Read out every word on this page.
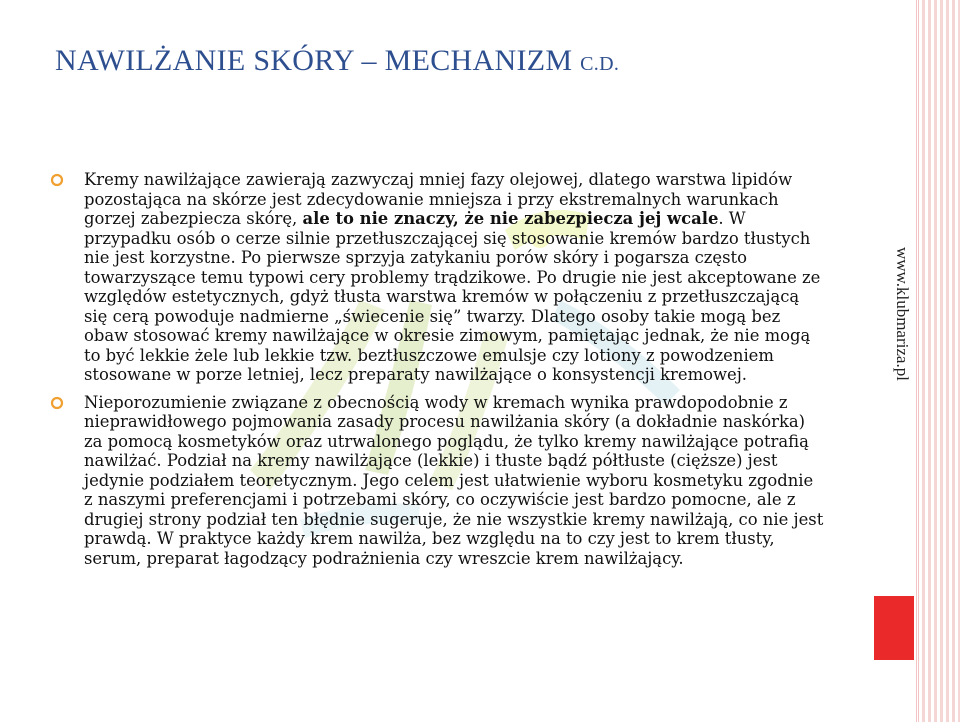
NAWILŻANIE SKÓRY – MECHANIZM C.D.

Kremy nawilżające zawierają zazwyczaj mniej fazy olejowej, dlatego warstwa lipidów pozostająca na skórze jest zdecydowanie mniejsza i przy ekstremalnych warunkach gorzej zabezpiecza skórę, ale to nie znaczy, że nie zabezpiecza jej wcale. W przypadku osób o cerze silnie przetłuszczającej się stosowanie kremów bardzo tłustych nie jest korzystne. Po pierwsze sprzyja zatykaniu porów skóry i pogarsza często towarzyszące temu typowi cery problemy trądzikowe. Po drugie nie jest akceptowane ze względów estetycznych, gdyż tłusta warstwa kremów w połączeniu z przetłuszczającą się cerą powoduje nadmierne „świecenie się” twarzy. Dlatego osoby takie mogą bez obaw stosować kremy nawilżające w okresie zimowym, pamiętając jednak, że nie mogą to być lekkie żele lub lekkie tzw. beztłuszczowe emulsje czy lotiony z powodzeniem stosowane w porze letniej, lecz preparaty nawilżające o konsystencji kremowej.

Nieporozumienie związane z obecnością wody w kremach wynika prawdopodobnie z nieprawidłowego pojmowania zasady procesu nawilżania skóry (a dokładnie naskórka) za pomocą kosmetyków oraz utrwalonego poglądu, że tylko kremy nawilżające potrafią nawilżać. Podział na kremy nawilżające (lekkie) i tłuste bądź półtłuste (cięższe) jest jedynie podziałem teoretycznym. Jego celem jest ułatwienie wyboru kosmetyku zgodnie z naszymi preferencjami i potrzebami skóry, co oczywiście jest bardzo pomocne, ale z drugiej strony podział ten błędnie sugeruje, że nie wszystkie kremy nawilżają, co nie jest prawdą. W praktyce każdy krem nawilża, bez względu na to czy jest to krem tłusty, serum, preparat łagodzący podrażnienia czy wreszcie krem nawilżający.

www.klubmariza.pl
